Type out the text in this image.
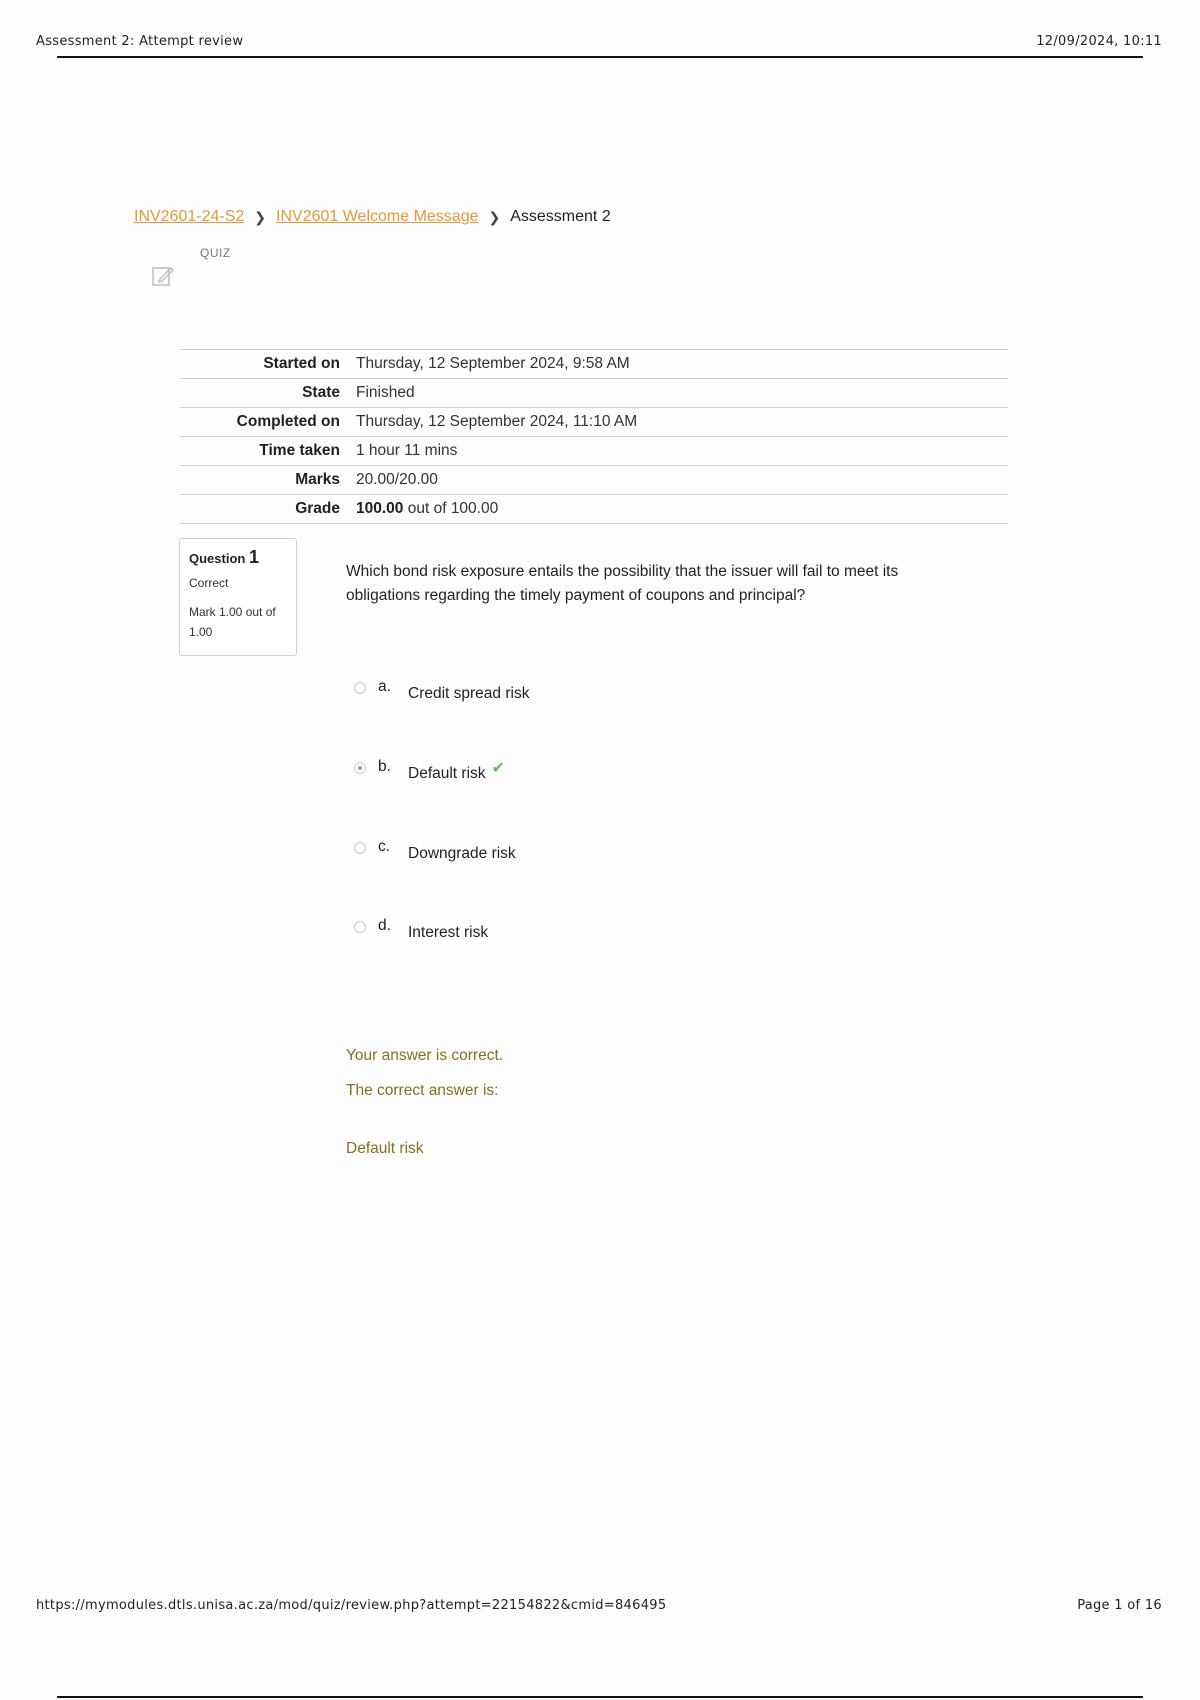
Assessment 2: Attempt review	12/09/2024, 10:11
INV2601-24-S2 ❯ INV2601 Welcome Message ❯ Assessment 2
QUIZ
Started on	Thursday, 12 September 2024, 9:58 AM
State	Finished
Completed on	Thursday, 12 September 2024, 11:10 AM
Time taken	1 hour 11 mins
Marks	20.00/20.00
Grade	100.00 out of 100.00
Question 1
Correct
Mark 1.00 out of 1.00
Which bond risk exposure entails the possibility that the issuer will fail to meet its obligations regarding the timely payment of coupons and principal?
a.	Credit spread risk
b.	Default risk ✔
c.	Downgrade risk
d.	Interest risk
Your answer is correct.
The correct answer is:
Default risk
https://mymodules.dtls.unisa.ac.za/mod/quiz/review.php?attempt=22154822&cmid=846495	Page 1 of 16
